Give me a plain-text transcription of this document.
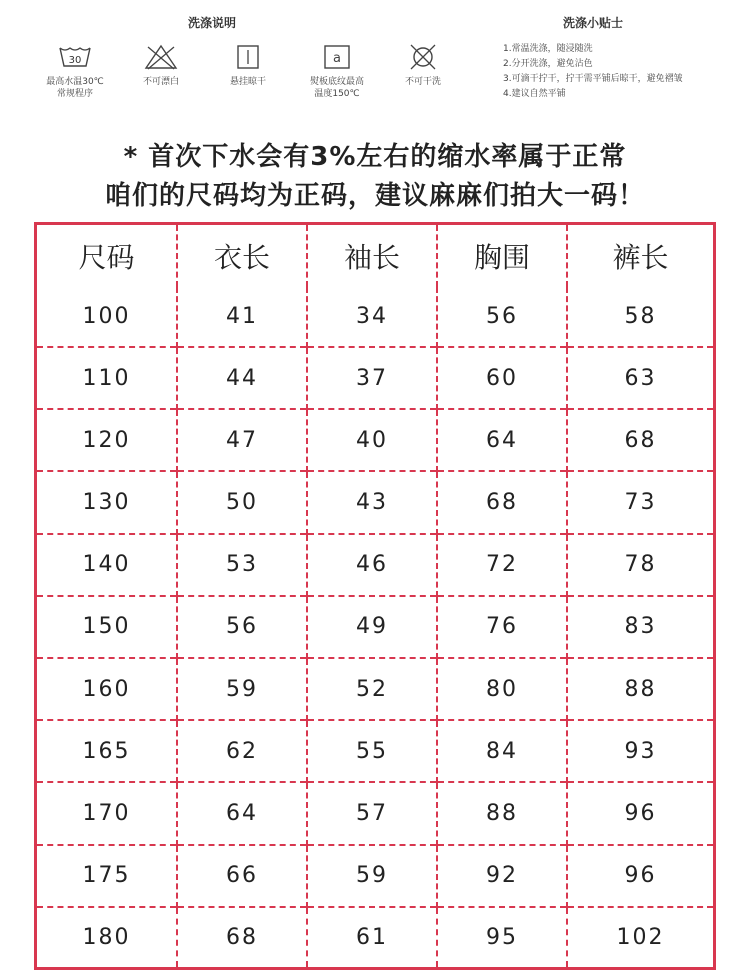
洗涤说明	洗涤小贴士
30
最高水温30℃
常规程序
不可漂白	悬挂晾干
a
熨板底纹最高
温度150℃
不可干洗
1.常温洗涤，随浸随洗
2.分开洗涤，避免沾色
3.可滴干拧干，拧干需平铺后晾干，避免褶皱
4.建议自然平铺
* 首次下水会有3%左右的缩水率属于正常
咱们的尺码均为正码，建议麻麻们拍大一码！
尺码	衣长	袖长	胸围	裤长
100	41	34	56	58
110	44	37	60	63
120	47	40	64	68
130	50	43	68	73
140	53	46	72	78
150	56	49	76	83
160	59	52	80	88
165	62	55	84	93
170	64	57	88	96
175	66	59	92	96
180	68	61	95	102
